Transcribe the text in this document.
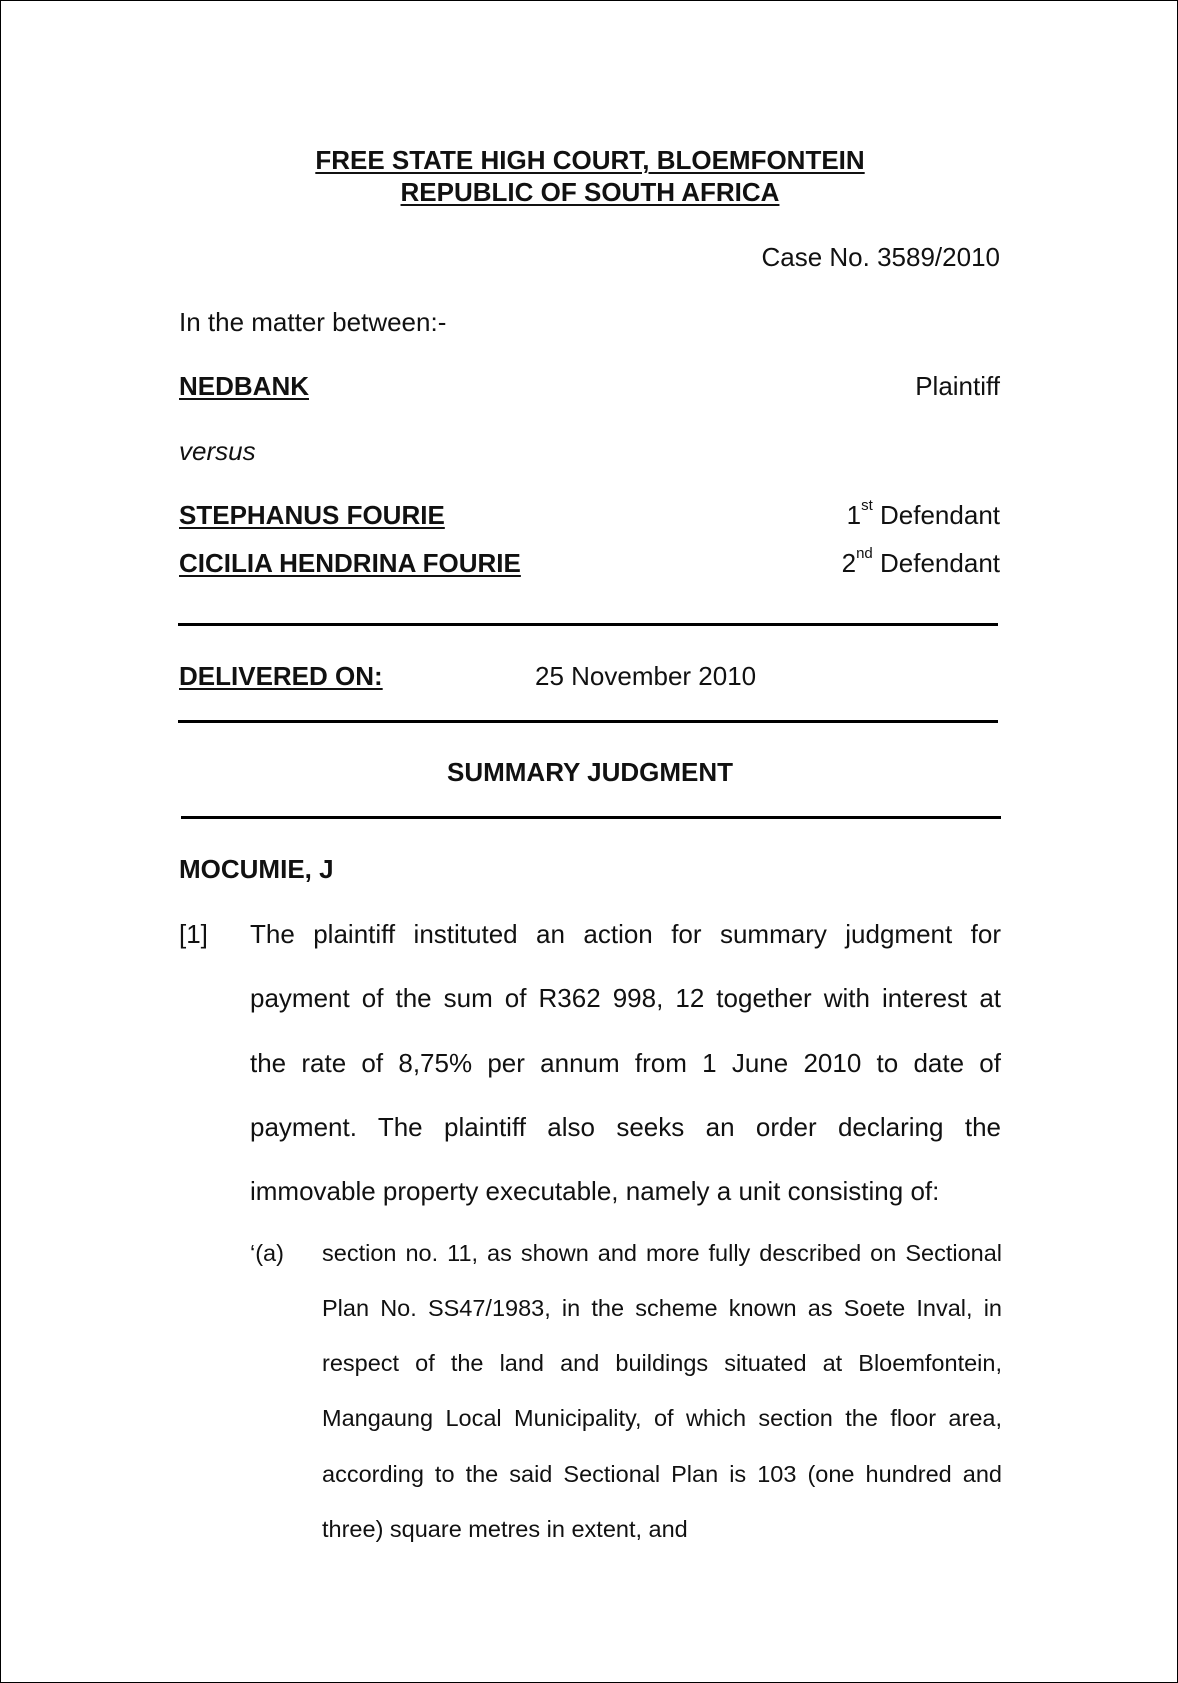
FREE STATE HIGH COURT, BLOEMFONTEIN
REPUBLIC OF SOUTH AFRICA
Case No. 3589/2010
In the matter between:-
NEDBANK	Plaintiff
versus
STEPHANUS FOURIE	1st Defendant
CICILIA HENDRINA FOURIE	2nd Defendant
DELIVERED ON:	25 November 2010
SUMMARY JUDGMENT
MOCUMIE, J
[1] The plaintiff instituted an action for summary judgment for
payment of the sum of R362 998, 12 together with interest at
the rate of 8,75% per annum from 1 June 2010 to date of
payment. The plaintiff also seeks an order declaring the
immovable property executable, namely a unit consisting of:
‘(a) section no. 11, as shown and more fully described on Sectional
Plan No. SS47/1983, in the scheme known as Soete Inval, in
respect of the land and buildings situated at Bloemfontein,
Mangaung Local Municipality, of which section the floor area,
according to the said Sectional Plan is 103 (one hundred and
three) square metres in extent, and
